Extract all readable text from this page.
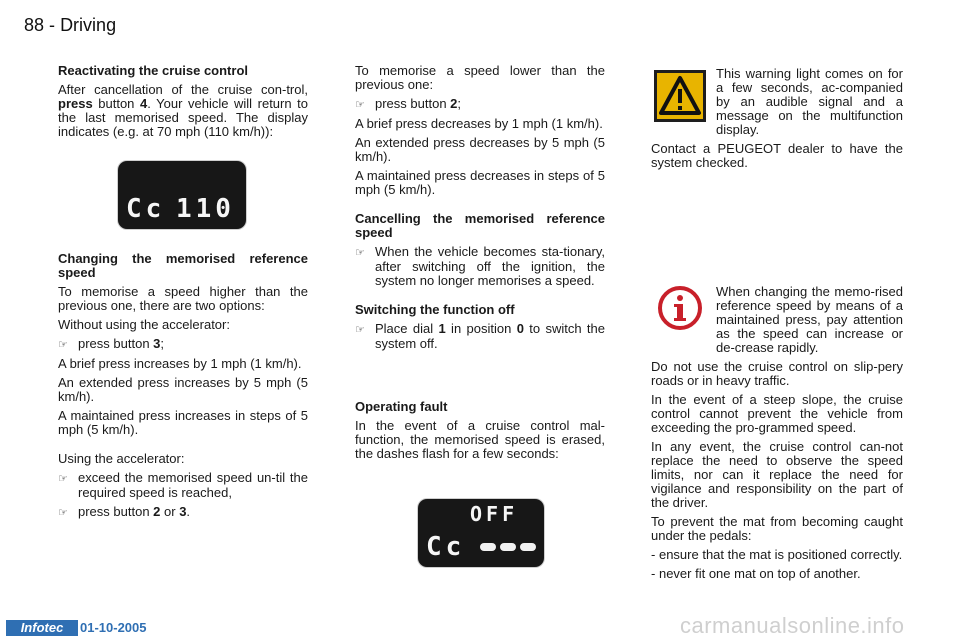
88 - Driving

Reactivating the cruise control

After cancellation of the cruise con-trol, press button 4. Your vehicle will return to the last memorised speed. The display indicates (e.g. at 70 mph (110 km/h)):

Changing the memorised reference speed

To memorise a speed higher than the previous one, there are two options:

Without using the accelerator:

☞ press button 3;

A brief press increases by 1 mph (1 km/h).

An extended press increases by 5 mph (5 km/h).

A maintained press increases in steps of 5 mph (5 km/h).

Using the accelerator:

☞ exceed the memorised speed un-til the required speed is reached,

☞ press button 2 or 3.

Cc 110

To memorise a speed lower than the previous one:

☞ press button 2;

A brief press decreases by 1 mph (1 km/h).

An extended press decreases by 5 mph (5 km/h).

A maintained press decreases in steps of 5 mph (5 km/h).

Cancelling the memorised reference speed

☞ When the vehicle becomes sta-tionary, after switching off the ignition, the system no longer memorises a speed.

Switching the function off

☞ Place dial 1 in position 0 to switch the system off.

Operating fault

In the event of a cruise control mal-function, the memorised speed is erased, the dashes flash for a few seconds:

OFF
Cc

This warning light comes on for a few seconds, ac-companied by an audible signal and a message on the multifunction display.

Contact a PEUGEOT dealer to have the system checked.

When changing the memo-rised reference speed by means of a maintained press, pay attention as the speed can increase or de-crease rapidly.

Do not use the cruise control on slip-pery roads or in heavy traffic.

In the event of a steep slope, the cruise control cannot prevent the vehicle from exceeding the pro-grammed speed.

In any event, the cruise control can-not replace the need to observe the speed limits, nor can it replace the need for vigilance and responsibility on the part of the driver.

To prevent the mat from becoming caught under the pedals:

- ensure that the mat is positioned correctly.

- never fit one mat on top of another.

Infotec	01-10-2005	carmanualsonline.info
